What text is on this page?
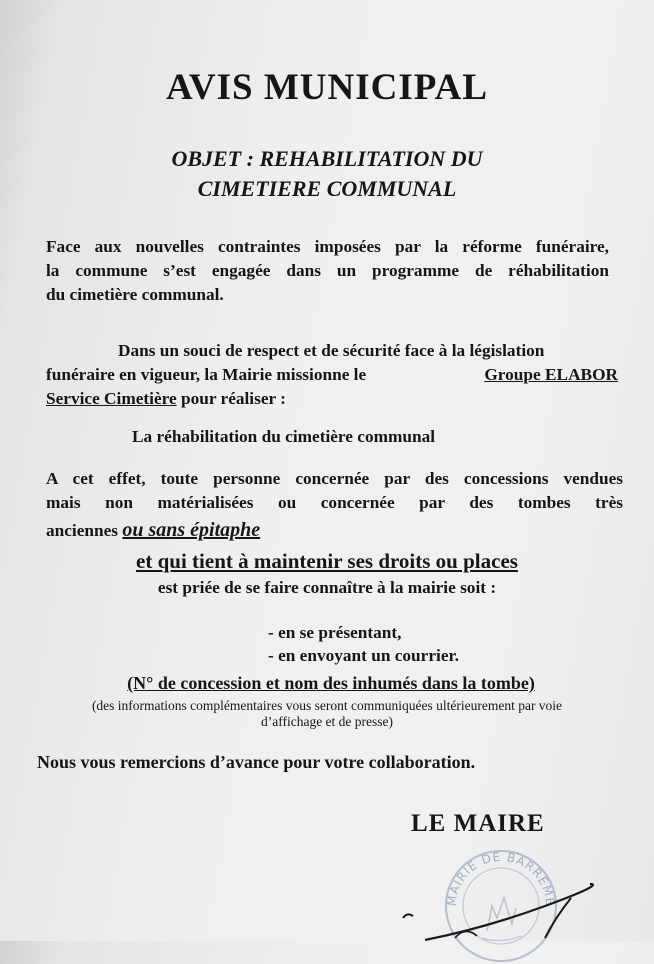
AVIS MUNICIPAL
OBJET : REHABILITATION DU
CIMETIERE COMMUNAL
Face aux nouvelles contraintes imposées par la réforme funéraire,
la commune s’est engagée dans un programme de réhabilitation
du cimetière communal.
Dans un souci de respect et de sécurité face à la législation
funéraire en vigueur, la Mairie missionne le	Groupe ELABOR
Service Cimetière pour réaliser :
La réhabilitation du cimetière communal
A cet effet, toute personne concernée par des concessions vendues
mais non matérialisées ou concernée par des tombes très
anciennes ou sans épitaphe
et qui tient à maintenir ses droits ou places
est priée de se faire connaître à la mairie soit :
- en se présentant,
- en envoyant un courrier.
(N° de concession et nom des inhumés dans la tombe)
(des informations complémentaires vous seront communiquées ultérieurement par voie
d’affichage et de presse)
Nous vous remercions d’avance pour votre collaboration.
LE MAIRE
MAIRIE DE BARREME
